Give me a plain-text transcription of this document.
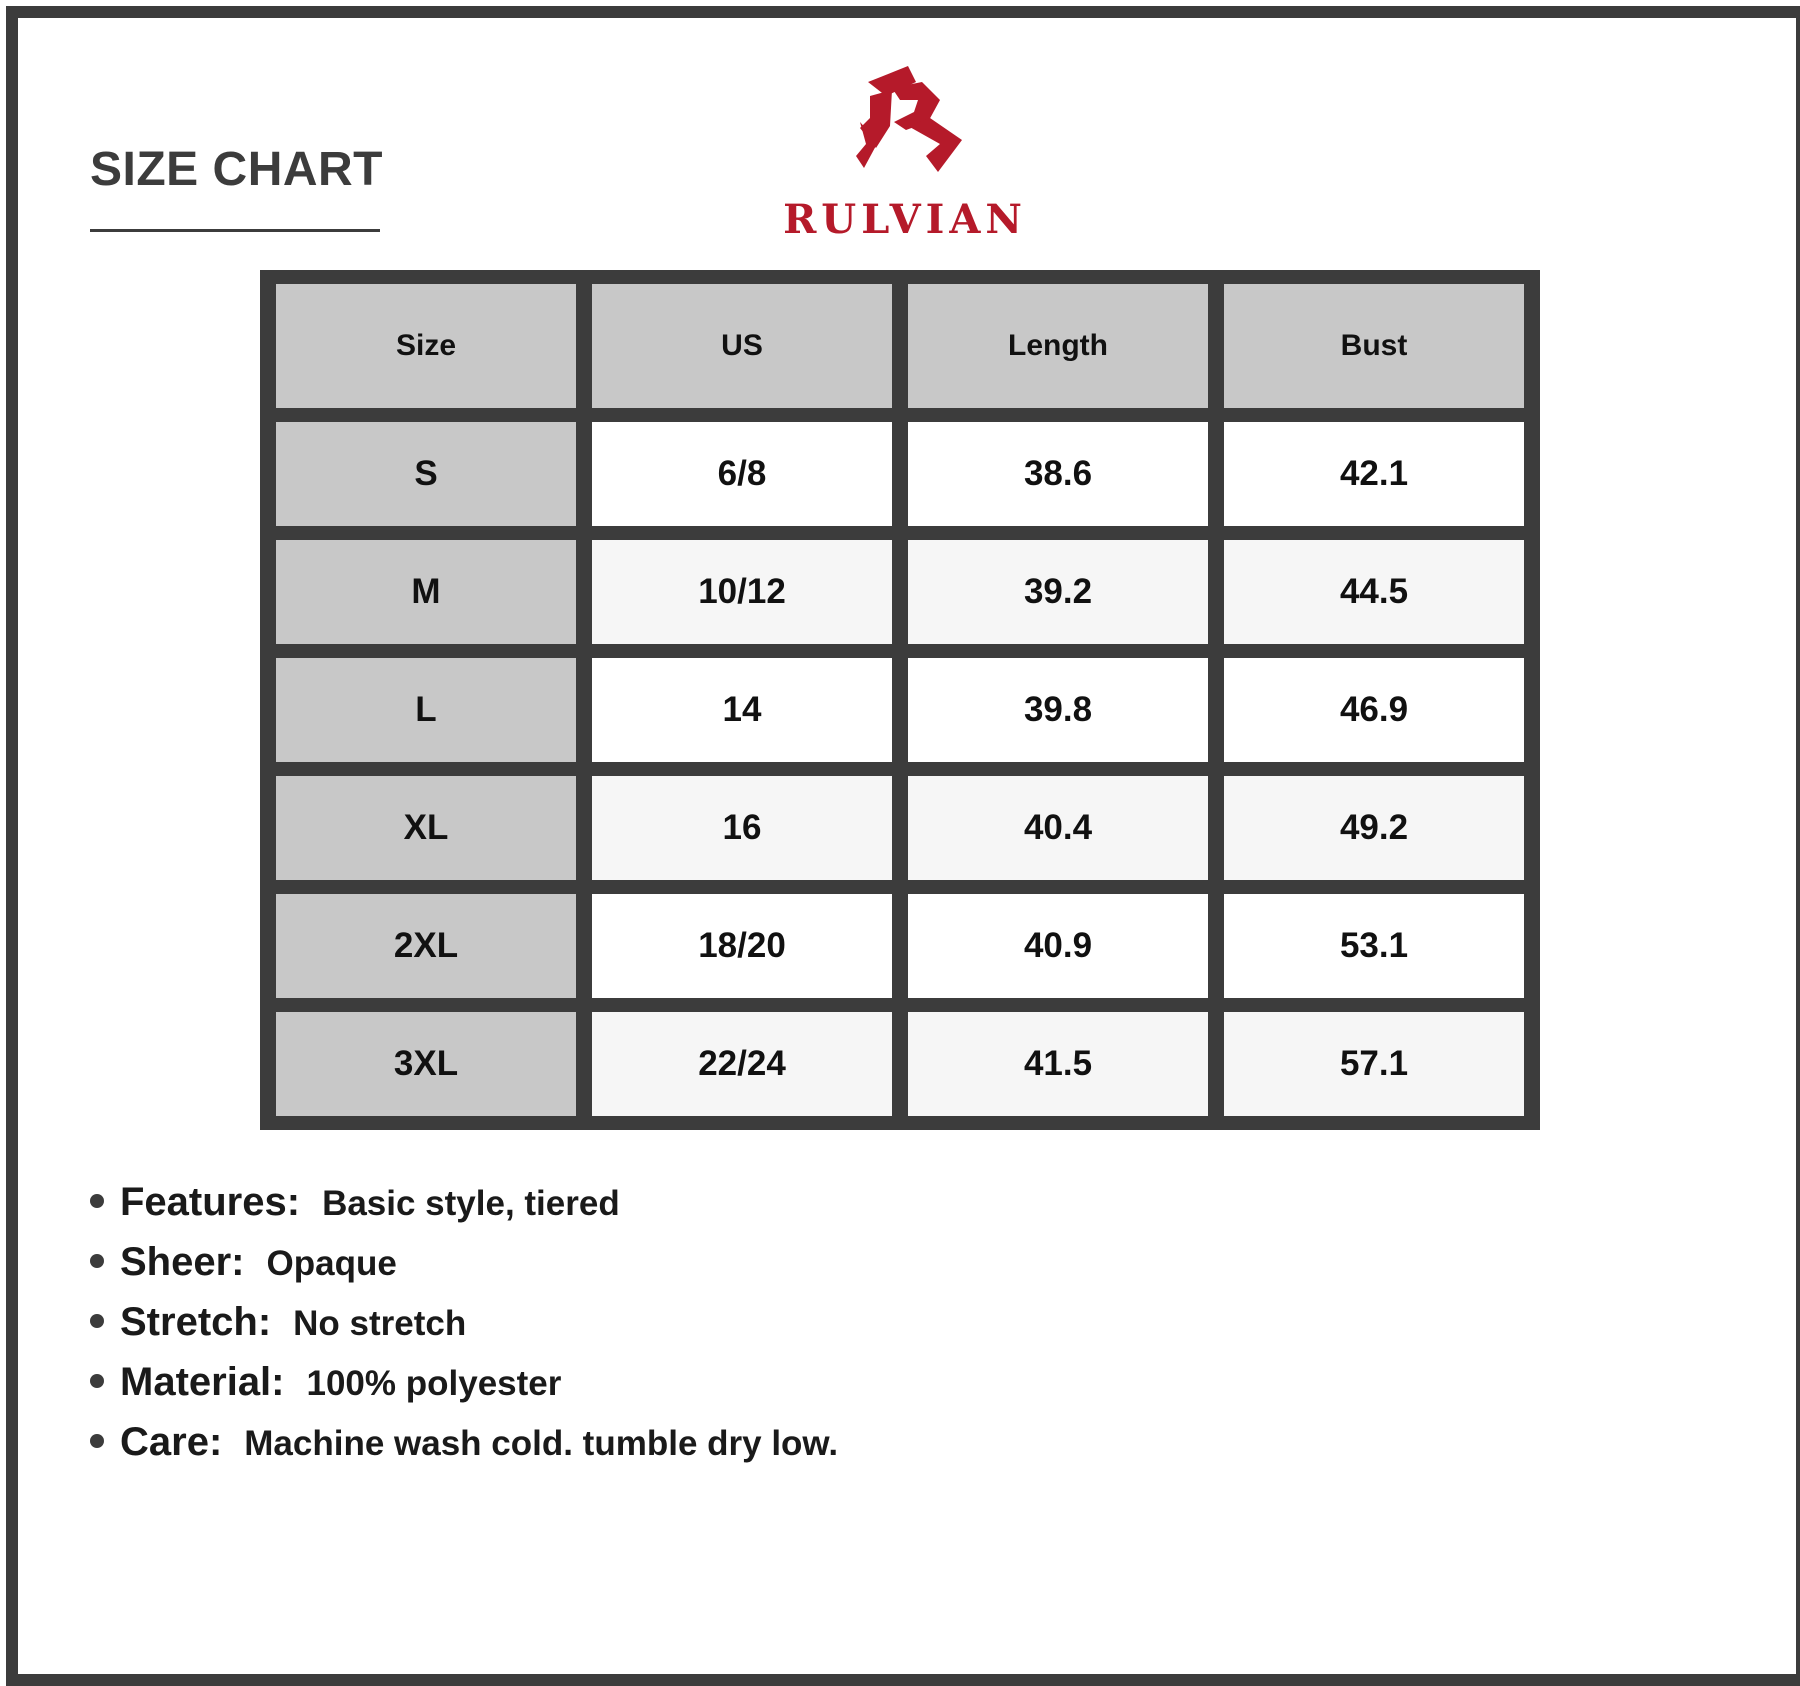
SIZE CHART
RULVIAN
Size	US	Length	Bust
S	6/8	38.6	42.1
M	10/12	39.2	44.5
L	14	39.8	46.9
XL	16	40.4	49.2
2XL	18/20	40.9	53.1
3XL	22/24	41.5	57.1
Features: Basic style, tiered
Sheer: Opaque
Stretch: No stretch
Material: 100% polyester
Care: Machine wash cold. tumble dry low.
